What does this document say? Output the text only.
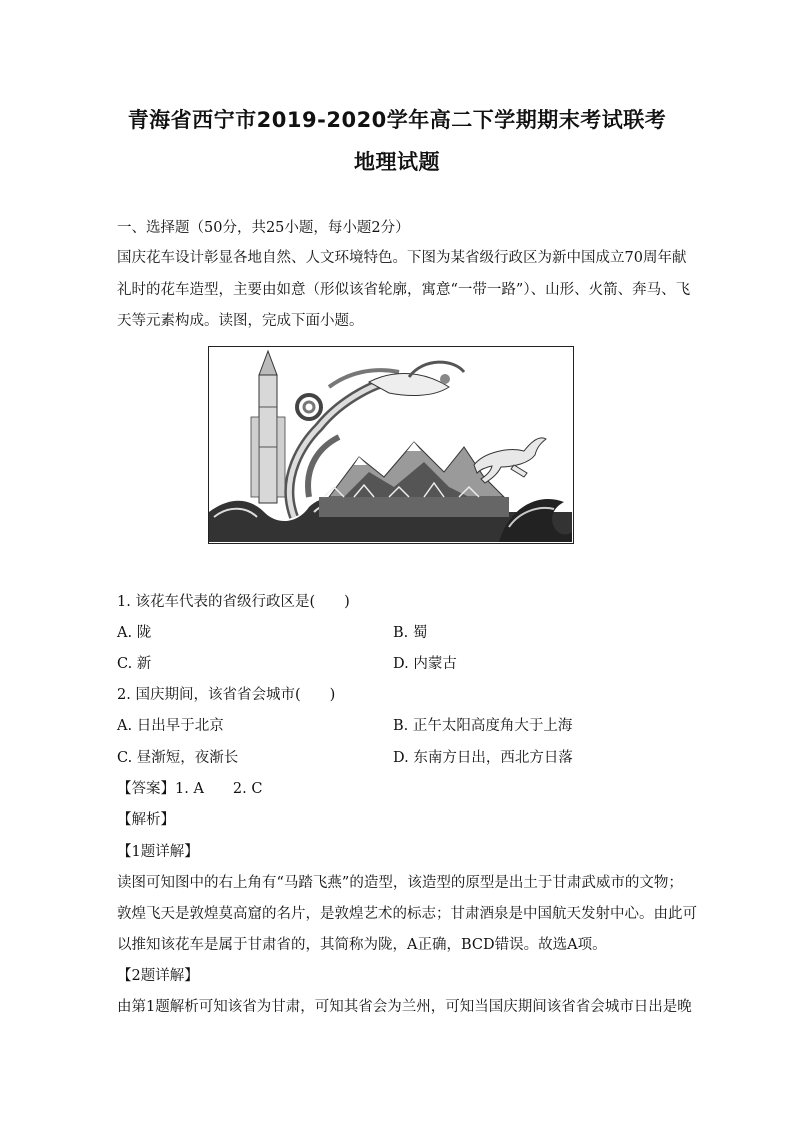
青海省西宁市2019-2020学年高二下学期期末考试联考
地理试题
一、选择题（50分，共25小题，每小题2分）
国庆花车设计彰显各地自然、人文环境特色。下图为某省级行政区为新中国成立70周年献
礼时的花车造型，主要由如意（形似该省轮廓，寓意“一带一路”）、山形、火箭、奔马、飞
天等元素构成。读图，完成下面小题。
1. 该花车代表的省级行政区是(　　)
A. 陇	B. 蜀
C. 新	D. 内蒙古
2. 国庆期间，该省省会城市(　　)
A. 日出早于北京	B. 正午太阳高度角大于上海
C. 昼渐短，夜渐长	D. 东南方日出，西北方日落
【答案】1. A　　2. C
【解析】
【1题详解】
读图可知图中的右上角有“马踏飞燕”的造型，该造型的原型是出土于甘肃武威市的文物；
敦煌飞天是敦煌莫高窟的名片，是敦煌艺术的标志；甘肃酒泉是中国航天发射中心。由此可
以推知该花车是属于甘肃省的，其简称为陇，A正确，BCD错误。故选A项。
【2题详解】
由第1题解析可知该省为甘肃，可知其省会为兰州，可知当国庆期间该省省会城市日出是晚
